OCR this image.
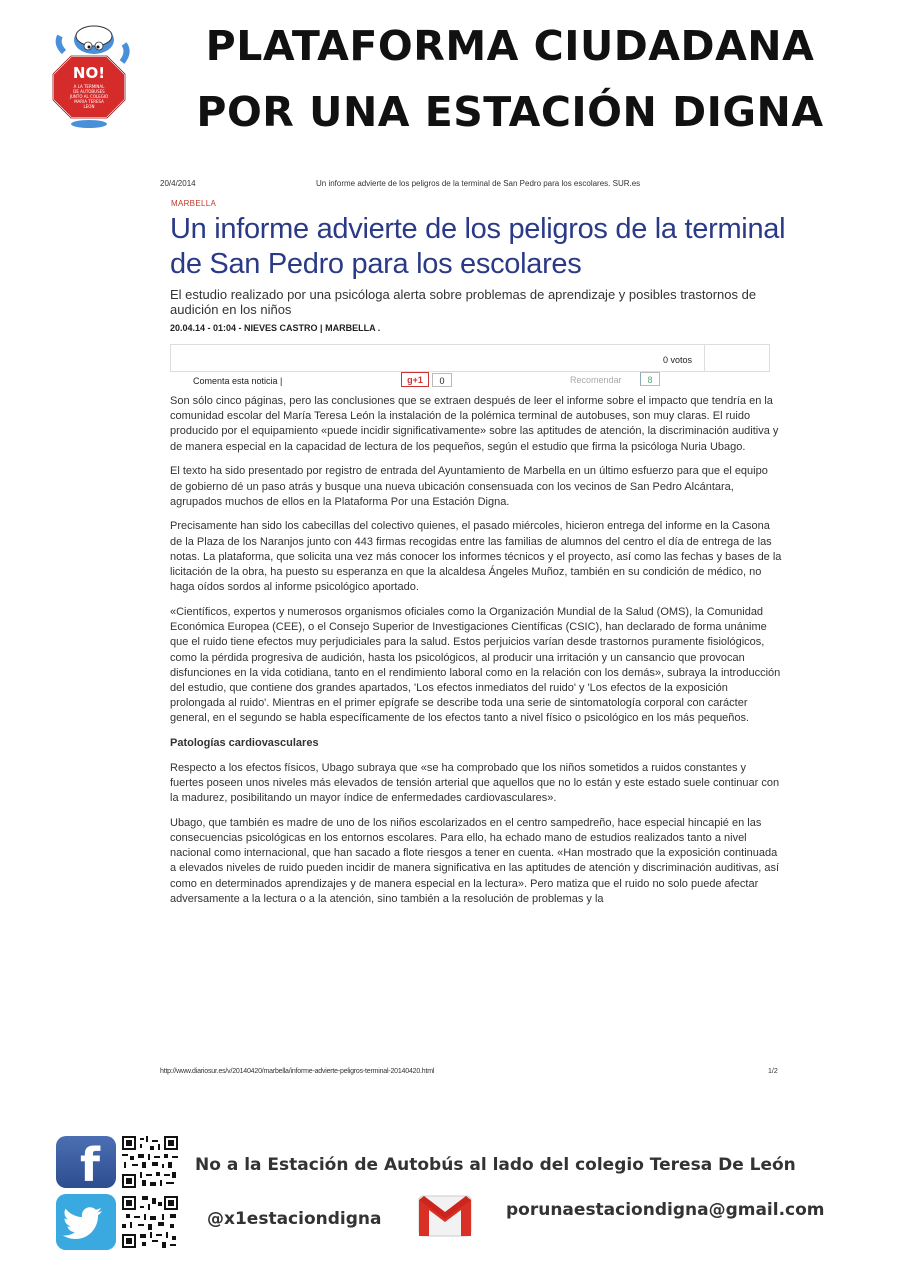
NO!
A LA TERMINAL
DE AUTOBUSES
JUNTO AL COLEGIO
MARIA TERESA
LEON
PLATAFORMA CIUDADANA
POR UNA ESTACIÓN DIGNA
20/4/2014	Un informe advierte de los peligros de la terminal de San Pedro para los escolares. SUR.es
MARBELLA
Un informe advierte de los peligros de la terminal de San Pedro para los escolares
El estudio realizado por una psicóloga alerta sobre problemas de aprendizaje y posibles trastornos de audición en los niños
20.04.14 - 01:04 - NIEVES CASTRO | MARBELLA .
0 votos
Comenta esta noticia |	g+1	0	Recomendar	8

Son sólo cinco páginas, pero las conclusiones que se extraen después de leer el informe sobre el impacto que tendría en la comunidad escolar del María Teresa León la instalación de la polémica terminal de autobuses, son muy claras. El ruido producido por el equipamiento «puede incidir significativamente» sobre las aptitudes de atención, la discriminación auditiva y de manera especial en la capacidad de lectura de los pequeños, según el estudio que firma la psicóloga Nuria Ubago.

El texto ha sido presentado por registro de entrada del Ayuntamiento de Marbella en un último esfuerzo para que el equipo de gobierno dé un paso atrás y busque una nueva ubicación consensuada con los vecinos de San Pedro Alcántara, agrupados muchos de ellos en la Plataforma Por una Estación Digna.

Precisamente han sido los cabecillas del colectivo quienes, el pasado miércoles, hicieron entrega del informe en la Casona de la Plaza de los Naranjos junto con 443 firmas recogidas entre las familias de alumnos del centro el día de entrega de las notas. La plataforma, que solicita una vez más conocer los informes técnicos y el proyecto, así como las fechas y bases de la licitación de la obra, ha puesto su esperanza en que la alcaldesa Ángeles Muñoz, también en su condición de médico, no haga oídos sordos al informe psicológico aportado.

«Científicos, expertos y numerosos organismos oficiales como la Organización Mundial de la Salud (OMS), la Comunidad Económica Europea (CEE), o el Consejo Superior de Investigaciones Científicas (CSIC), han declarado de forma unánime que el ruido tiene efectos muy perjudiciales para la salud. Estos perjuicios varían desde trastornos puramente fisiológicos, como la pérdida progresiva de audición, hasta los psicológicos, al producir una irritación y un cansancio que provocan disfunciones en la vida cotidiana, tanto en el rendimiento laboral como en la relación con los demás», subraya la introducción del estudio, que contiene dos grandes apartados, 'Los efectos inmediatos del ruido' y 'Los efectos de la exposición prolongada al ruido'. Mientras en el primer epígrafe se describe toda una serie de sintomatología corporal con carácter general, en el segundo se habla específicamente de los efectos tanto a nivel físico o psicológico en los más pequeños.

Patologías cardiovasculares

Respecto a los efectos físicos, Ubago subraya que «se ha comprobado que los niños sometidos a ruidos constantes y fuertes poseen unos niveles más elevados de tensión arterial que aquellos que no lo están y este estado suele continuar con la madurez, posibilitando un mayor índice de enfermedades cardiovasculares».

Ubago, que también es madre de uno de los niños escolarizados en el centro sampedreño, hace especial hincapié en las consecuencias psicológicas en los entornos escolares. Para ello, ha echado mano de estudios realizados tanto a nivel nacional como internacional, que han sacado a flote riesgos a tener en cuenta. «Han mostrado que la exposición continuada a elevados niveles de ruido pueden incidir de manera significativa en las aptitudes de atención y discriminación auditivas, así como en determinados aprendizajes y de manera especial en la lectura». Pero matiza que el ruido no solo puede afectar adversamente a la lectura o a la atención, sino también a la resolución de problemas y la

http://www.diariosur.es/v/20140420/marbella/informe-advierte-peligros-terminal-20140420.html	1/2
f	No a la Estación de Autobús al lado del colegio Teresa De León
@x1estaciondigna	porunaestaciondigna@gmail.com
